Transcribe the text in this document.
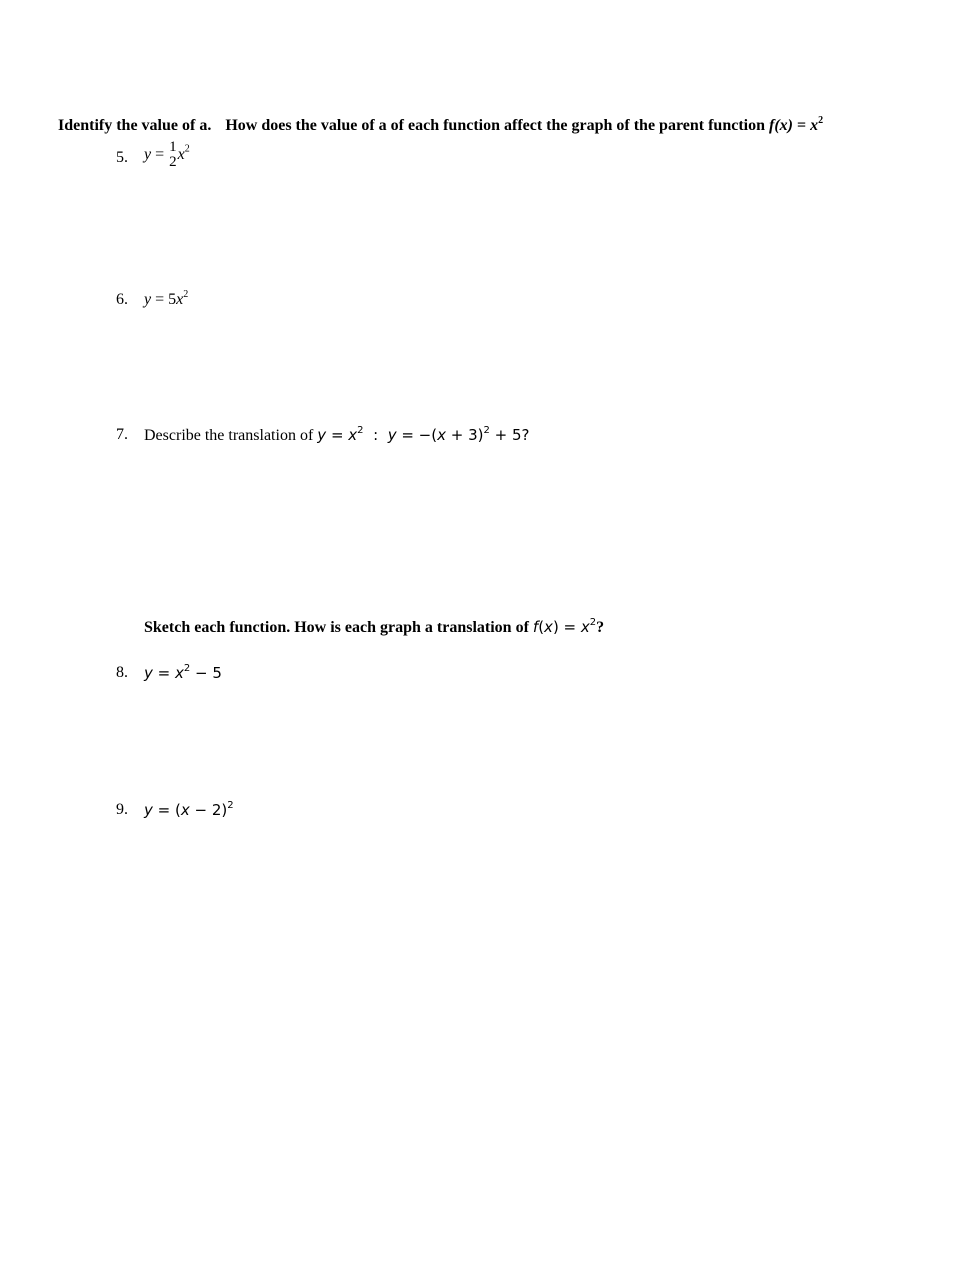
Identify the value of a. How does the value of a of each function affect the graph of the parent function $f(x) = x^2$
5. y = 1
2 $x^2$
6. $y = 5x^2$
7. Describe the translation of $y = x^2$  :  $y = -(x + 3)^2 + 5$?
Sketch each function. How is each graph a translation of $f(x) = x^2$?
8. $y = x^2 - 5$
9. $y = (x - 2)^2$
